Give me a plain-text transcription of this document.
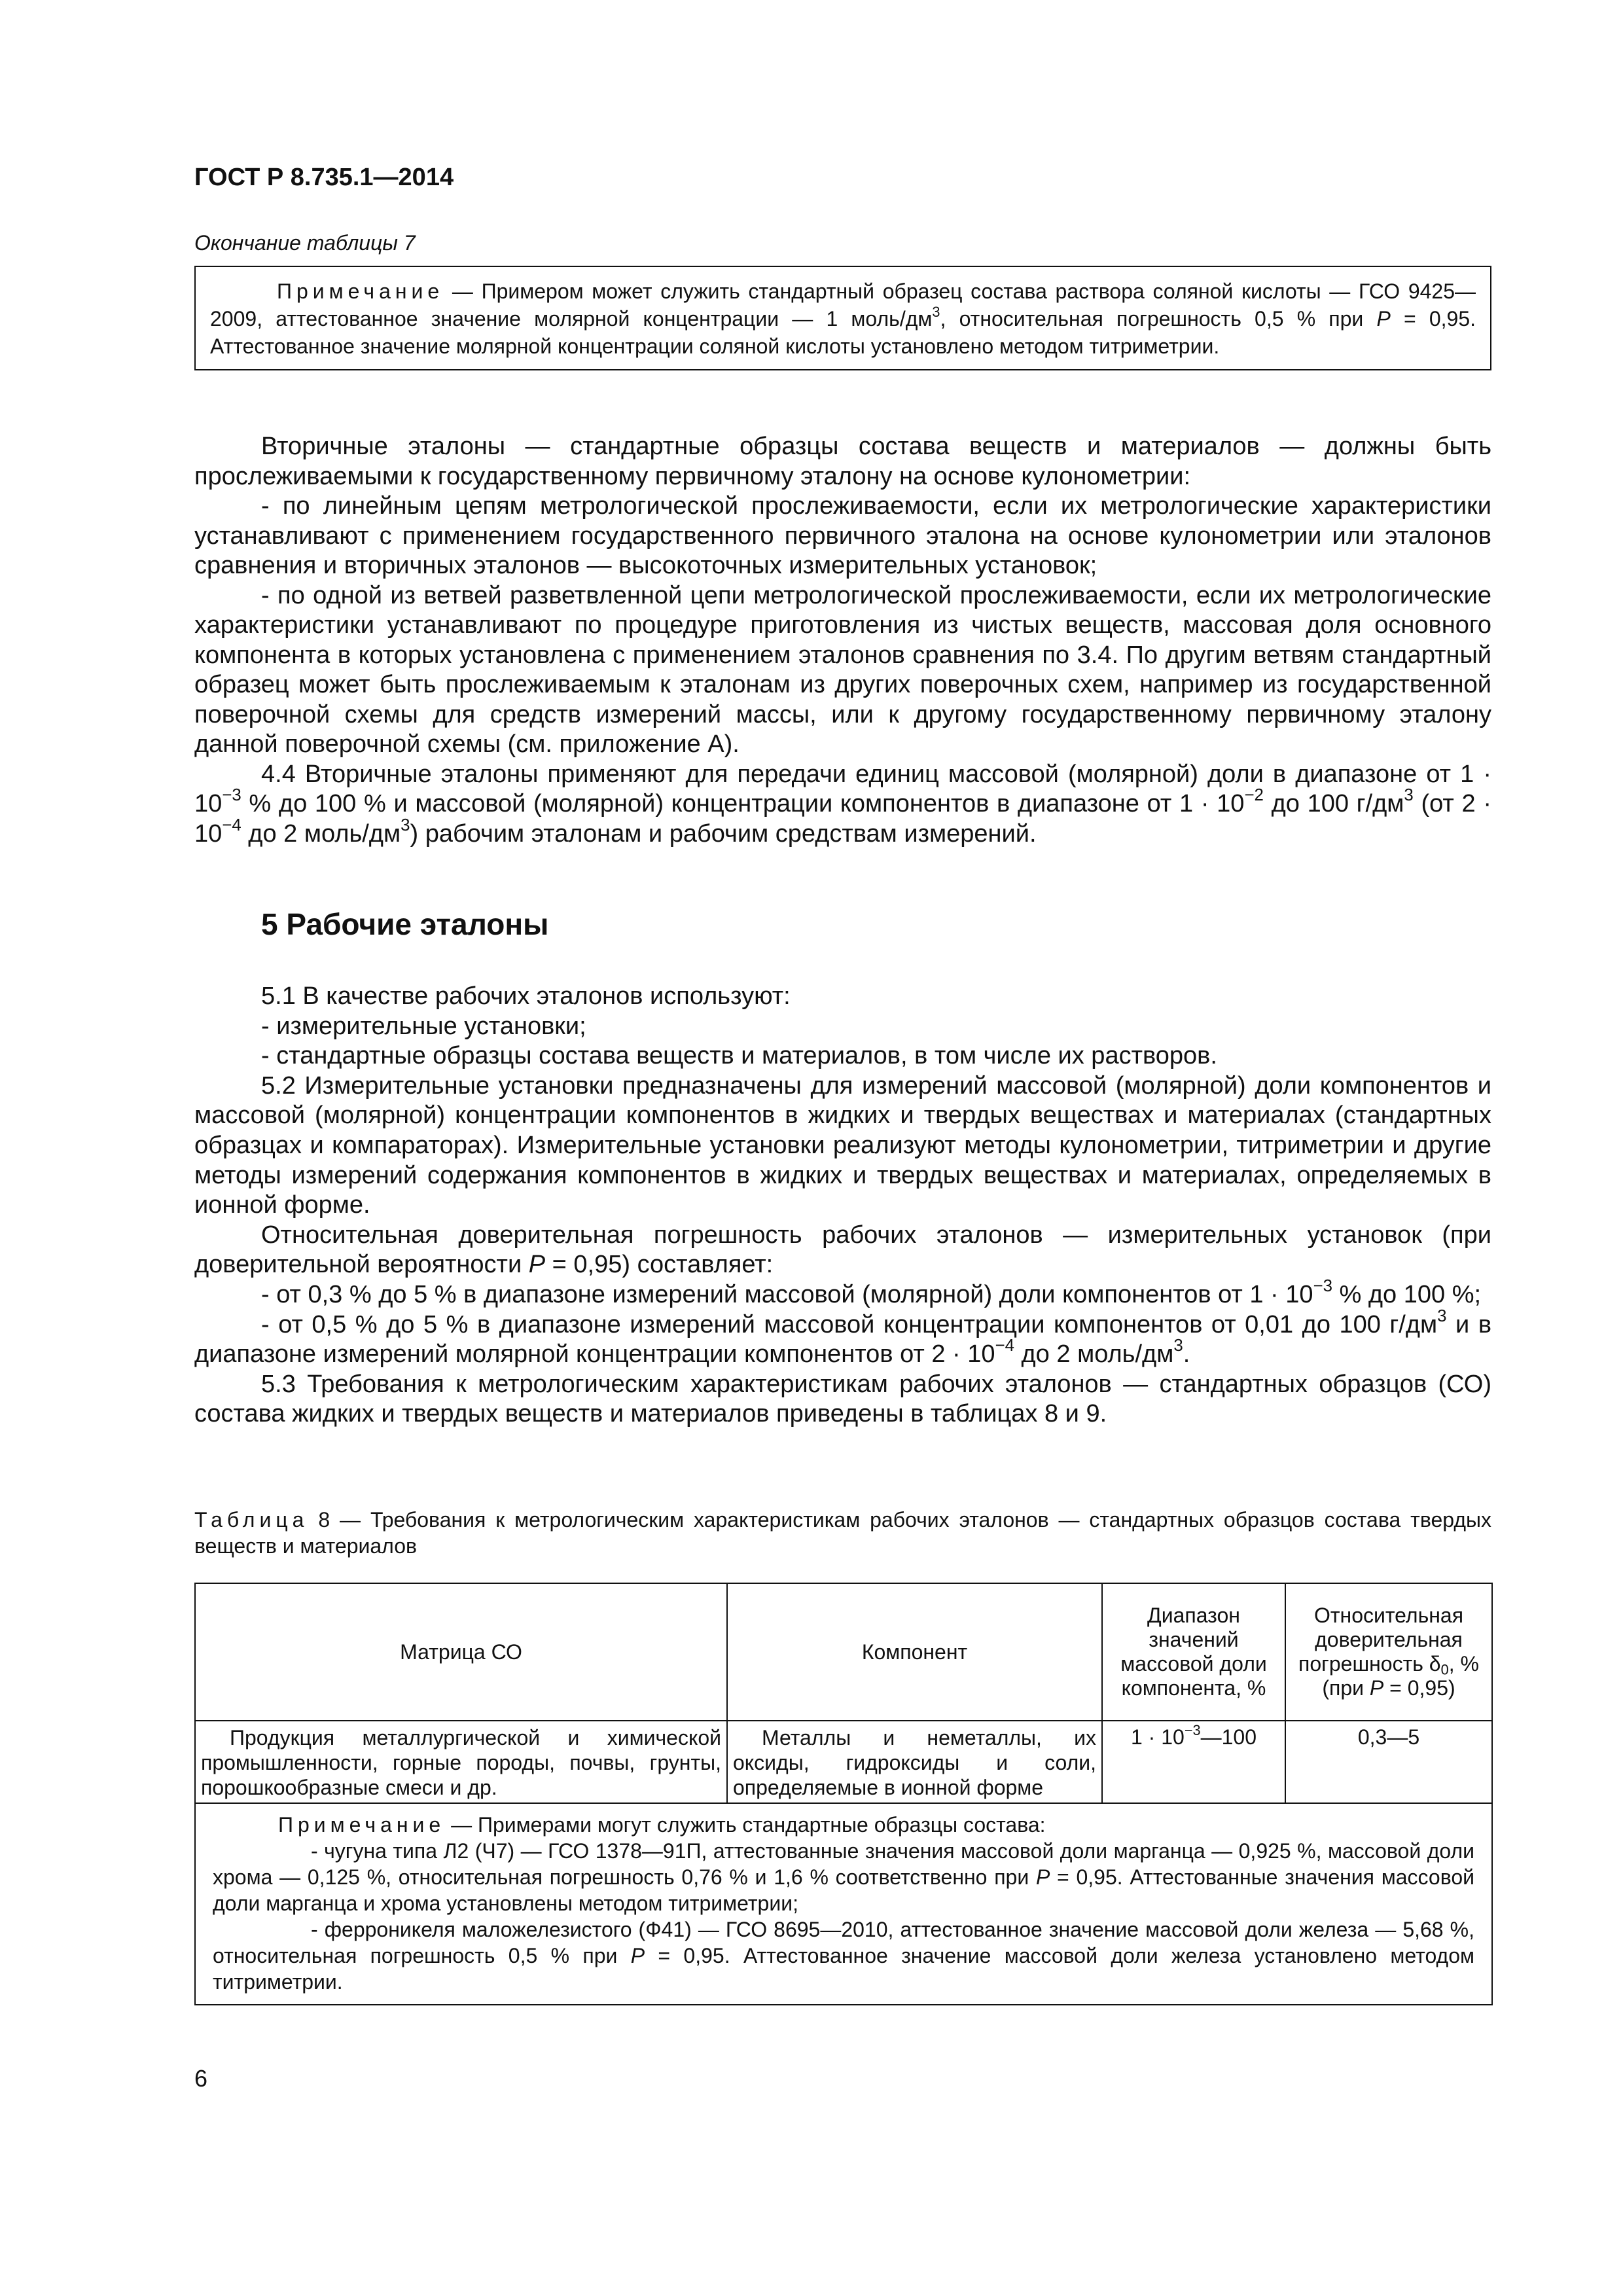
ГОСТ Р 8.735.1—2014
Окончание таблицы 7

Примечание — Примером может служить стандартный образец состава раствора соляной кислоты — ГСО 9425—2009, аттестованное значение молярной концентрации — 1 моль/$дм^3$, относительная погрешность 0,5 % при P = 0,95. Аттестованное значение молярной концентрации соляной кислоты установлено методом титриметрии.

Вторичные эталоны — стандартные образцы состава веществ и материалов — должны быть прослеживаемыми к государственному первичному эталону на основе кулонометрии:

- по линейным цепям метрологической прослеживаемости, если их метрологические характеристики устанавливают с применением государственного первичного эталона на основе кулонометрии или эталонов сравнения и вторичных эталонов — высокоточных измерительных установок;

- по одной из ветвей разветвленной цепи метрологической прослеживаемости, если их метрологические характеристики устанавливают по процедуре приготовления из чистых веществ, массовая доля основного компонента в которых установлена с применением эталонов сравнения по 3.4. По другим ветвям стандартный образец может быть прослеживаемым к эталонам из других поверочных схем, например из государственной поверочной схемы для средств измерений массы, или к другому государственному первичному эталону данной поверочной схемы (см. приложение А).

4.4 Вторичные эталоны применяют для передачи единиц массовой (молярной) доли в диапазоне от $1 \cdot 10^{-3}$ % до 100 % и массовой (молярной) концентрации компонентов в диапазоне от $1 \cdot 10^{-2}$ до 100 $г/дм^3$ (от $2 \cdot 10^{-4}$ до 2 моль/$дм^3$) рабочим эталонам и рабочим средствам измерений.

5 Рабочие эталоны

5.1 В качестве рабочих эталонов используют:

- измерительные установки;

- стандартные образцы состава веществ и материалов, в том числе их растворов.

5.2 Измерительные установки предназначены для измерений массовой (молярной) доли компонентов и массовой (молярной) концентрации компонентов в жидких и твердых веществах и материалах (стандартных образцах и компараторах). Измерительные установки реализуют методы кулонометрии, титриметрии и другие методы измерений содержания компонентов в жидких и твердых веществах и материалах, определяемых в ионной форме.

Относительная доверительная погрешность рабочих эталонов — измерительных установок (при доверительной вероятности P = 0,95) составляет:

- от 0,3 % до 5 % в диапазоне измерений массовой (молярной) доли компонентов от $1 \cdot 10^{-3}$ % до 100 %;

- от 0,5 % до 5 % в диапазоне измерений массовой концентрации компонентов от 0,01 до 100 $г/дм^3$ и в диапазоне измерений молярной концентрации компонентов от $2 \cdot 10^{-4}$ до 2 моль/$дм^3$.

5.3 Требования к метрологическим характеристикам рабочих эталонов — стандартных образцов (СО) состава жидких и твердых веществ и материалов приведены в таблицах 8 и 9.

Таблица 8 — Требования к метрологическим характеристикам рабочих эталонов — стандартных образцов состава твердых веществ и материалов

Матрица СО	Компонент	Диапазон значений массовой доли компонента, %	Относительная доверительная погрешность $\delta_0$, %
(при P = 0,95)
Продукция металлургической и химической промышленности, горные породы, почвы, грунты, порошкообразные смеси и др.	Металлы и неметаллы, их оксиды, гидроксиды и соли, определяемые в ионной форме	$1 \cdot 10^{-3}—100$	0,3—5

Примечание — Примерами могут служить стандартные образцы состава:

- чугуна типа Л2 (Ч7) — ГСО 1378—91П, аттестованные значения массовой доли марганца — 0,925 %, массовой доли хрома — 0,125 %, относительная погрешность 0,76 % и 1,6 % соответственно при P = 0,95. Аттестованные значения массовой доли марганца и хрома установлены методом титриметрии;

- ферроникеля маложелезистого (Ф41) — ГСО 8695—2010, аттестованное значение массовой доли железа — 5,68 %, относительная погрешность 0,5 % при P = 0,95. Аттестованное значение массовой доли железа установлено методом титриметрии.			

6
